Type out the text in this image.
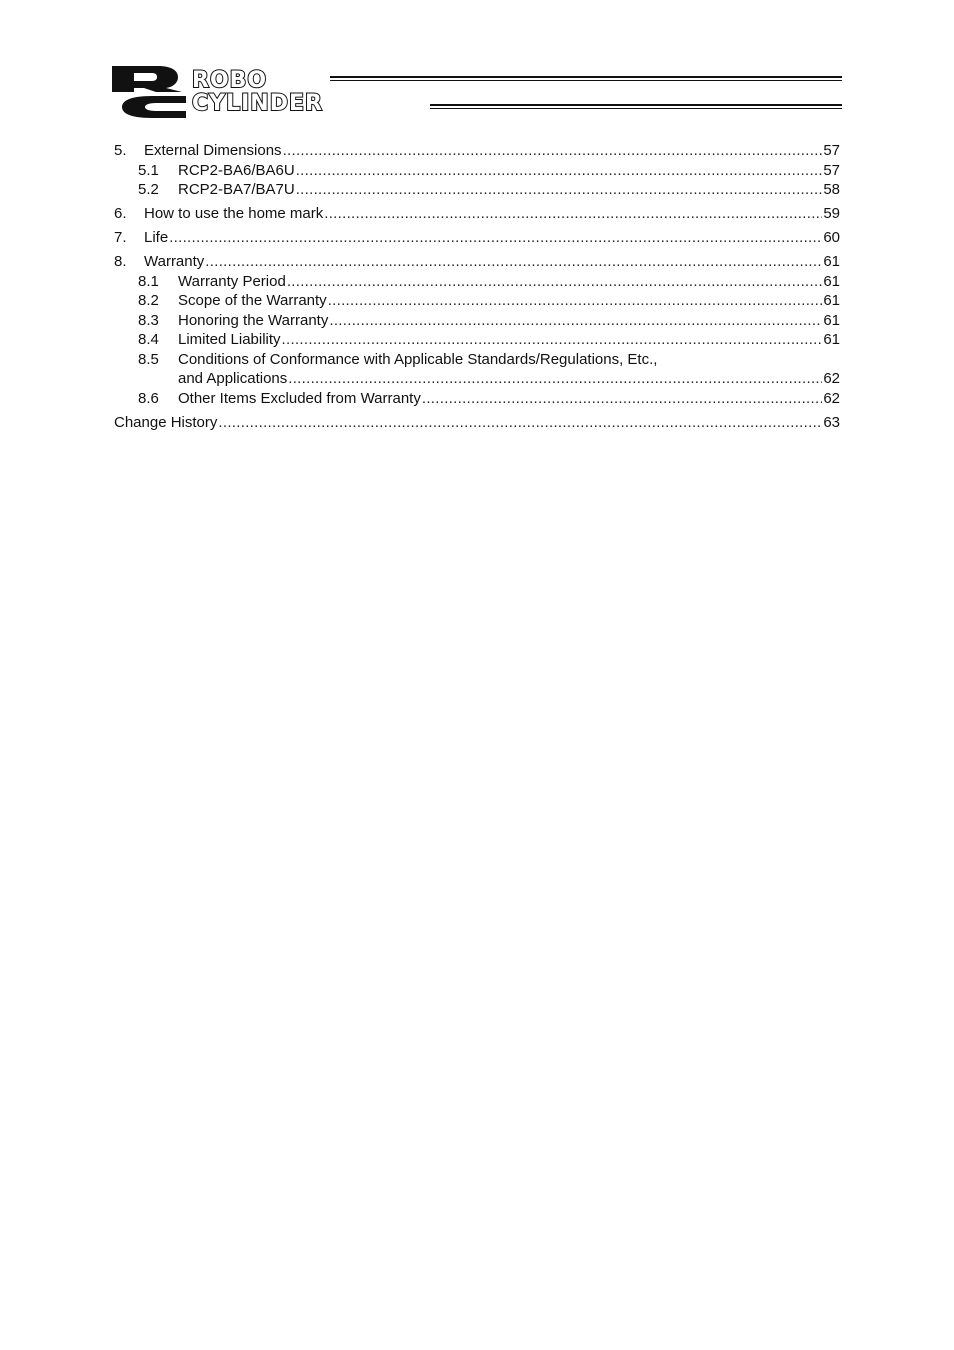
ROBO
CYLINDER
5.	External Dimensions .....	57
5.1	RCP2-BA6/BA6U .....	57
5.2	RCP2-BA7/BA7U .....	58
6.	How to use the home mark .....	59
7.	Life .....	60
8.	Warranty .....	61
8.1	Warranty Period .....	61
8.2	Scope of the Warranty .....	61
8.3	Honoring the Warranty .....	61
8.4	Limited Liability .....	61
8.5	Conditions of Conformance with Applicable Standards/Regulations, Etc.,
and Applications .....	62
8.6	Other Items Excluded from Warranty .....	62
Change History .....	63
